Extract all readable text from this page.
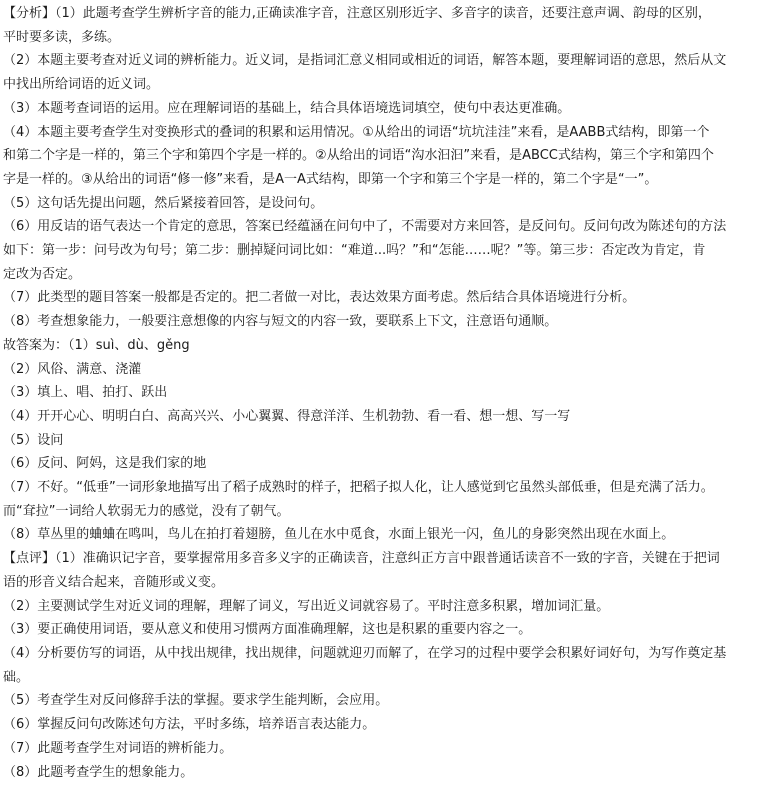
【分析】（1）此题考查学生辨析字音的能力,正确读准字音，注意区别形近字、多音字的读音，还要注意声调、韵母的区别，
平时要多读，多练。
（2）本题主要考查对近义词的辨析能力。近义词，是指词汇意义相同或相近的词语，解答本题，要理解词语的意思，然后从文
中找出所给词语的近义词。
（3）本题考查词语的运用。应在理解词语的基础上，结合具体语境选词填空，使句中表达更准确。
（4）本题主要考查学生对变换形式的叠词的积累和运用情况。①从给出的词语“坑坑洼洼”来看，是AABB式结构，即第一个
和第二个字是一样的，第三个字和第四个字是一样的。②从给出的词语“沟水汩汩”来看，是ABCC式结构，第三个字和第四个
字是一样的。③从给出的词语“修一修”来看，是A一A式结构，即第一个字和第三个字是一样的，第二个字是“一”。
（5）这句话先提出问题，然后紧接着回答，是设问句。
（6）用反诘的语气表达一个肯定的意思，答案已经蕴涵在问句中了，不需要对方来回答，是反问句。反问句改为陈述句的方法
如下：第一步：问号改为句号；第二步：删掉疑问词比如：“难道...吗？”和“怎能……呢？”等。第三步：否定改为肯定，肯
定改为否定。
（7）此类型的题目答案一般都是否定的。把二者做一对比，表达效果方面考虑。然后结合具体语境进行分析。
（8）考查想象能力，一般要注意想像的内容与短文的内容一致，要联系上下文，注意语句通顺。
故答案为：（1）suì、dù、gěng
（2）风俗、满意、浇灌
（3）填上、唱、拍打、跃出
（4）开开心心、明明白白、高高兴兴、小心翼翼、得意洋洋、生机勃勃、看一看、想一想、写一写
（5）设问
（6）反问、阿妈，这是我们家的地
（7）不好。“低垂”一词形象地描写出了稻子成熟时的样子，把稻子拟人化，让人感觉到它虽然头部低垂，但是充满了活力。
而“耷拉”一词给人软弱无力的感觉，没有了朝气。
（8）草丛里的蛐蛐在鸣叫，鸟儿在拍打着翅膀，鱼儿在水中觅食，水面上银光一闪，鱼儿的身影突然出现在水面上。
【点评】（1）准确识记字音，要掌握常用多音多义字的正确读音，注意纠正方言中跟普通话读音不一致的字音，关键在于把词
语的形音义结合起来，音随形或义变。
（2）主要测试学生对近义词的理解，理解了词义，写出近义词就容易了。平时注意多积累，增加词汇量。
（3）要正确使用词语，要从意义和使用习惯两方面准确理解，这也是积累的重要内容之一。
（4）分析要仿写的词语，从中找出规律，找出规律，问题就迎刃而解了，在学习的过程中要学会积累好词好句，为写作奠定基
础。
（5）考查学生对反问修辞手法的掌握。要求学生能判断，会应用。
（6）掌握反问句改陈述句方法，平时多练，培养语言表达能力。
（7）此题考查学生对词语的辨析能力。
（8）此题考查学生的想象能力。
